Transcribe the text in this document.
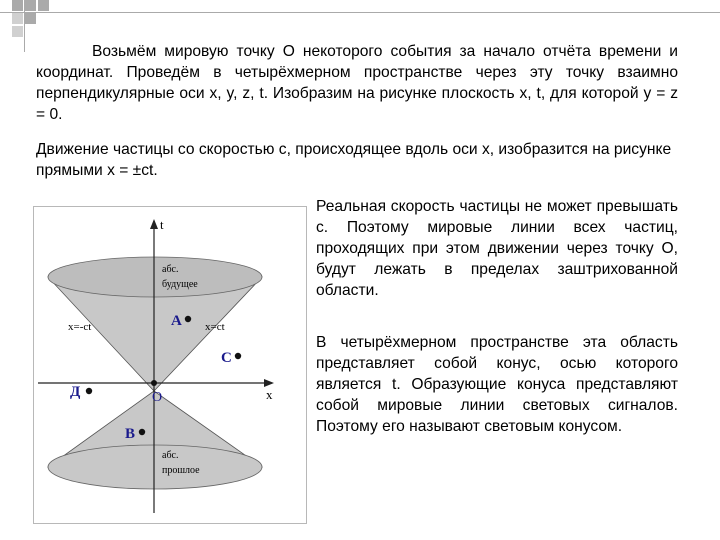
Возьмём мировую точку О некоторого события за начало отчёта времени и координат. Проведём в четырёхмерном пространстве через эту точку взаимно перпендикулярные оси x, y, z, t. Изобразим на рисунке плоскость x, t, для которой y = z = 0.

Движение частицы со скоростью с, происходящее вдоль оси x, изобразится на рисунке прямыми x = ±ct.

Реальная скорость частицы не может превышать с. Поэтому мировые линии всех частиц, проходящих при этом движении через точку О, будут лежать в пределах заштрихованной области.

В четырёхмерном пространстве эта область представляет собой конус, осью которого является t. Образующие конуса представляют собой мировые линии световых сигналов. Поэтому его называют световым конусом.

t
x
O
x=-ct	x=ct
абс.
будущее
абс.
прошлое
A
C
Д
B
